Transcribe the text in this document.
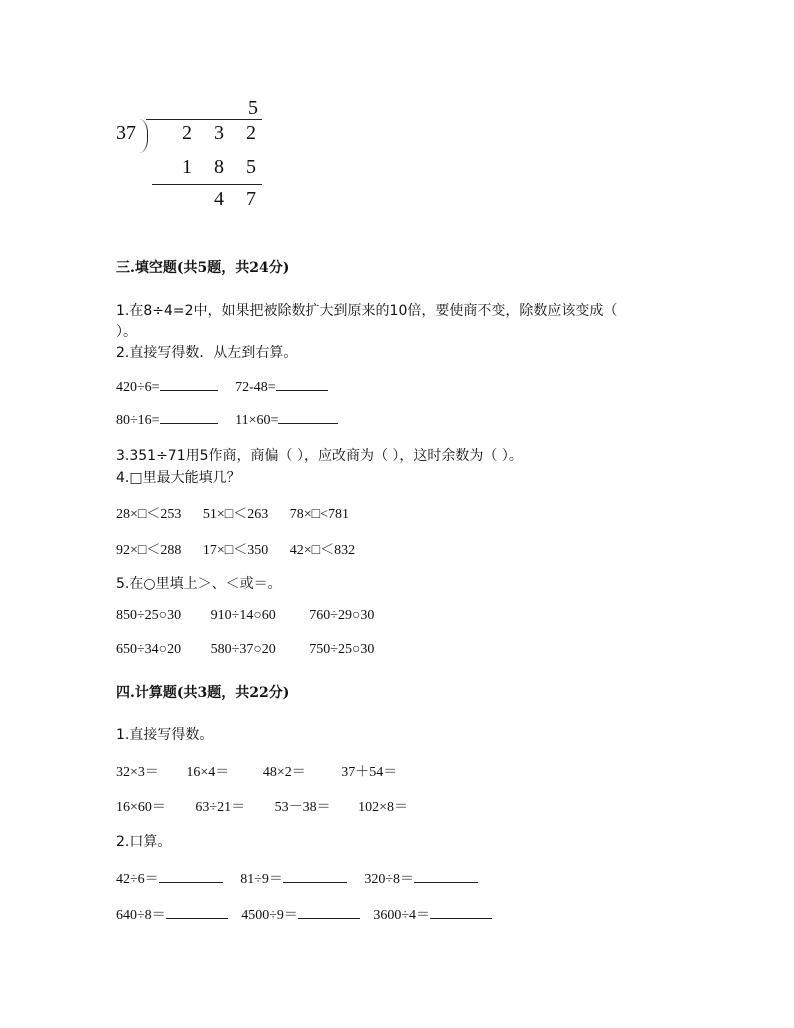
5
37 2 3 2
1 8 5
4 7
三.填空题(共5题，共24分)
1.在8÷4=2中，如果把被除数扩大到原来的10倍，要使商不变，除数应该变成（
）。
2.直接写得数．从左到右算。
420÷6=	72-48=
80÷16=	11×60=
3.351÷71用5作商，商偏（ ），应改商为（ ），这时余数为（ ）。
4.□里最大能填几？
28×□＜253 51×□＜263 78×□<781
92×□＜288 17×□＜350 42×□＜832
5.在○里填上＞、＜或＝。
850÷25○30 910÷14○60 760÷29○30
650÷34○20 580÷37○20 750÷25○30
四.计算题(共3题，共22分)
1.直接写得数。
32×3＝ 16×4＝ 48×2＝	37＋54＝
16×60＝ 63÷21＝ 53－38＝ 102×8＝
2.口算。
42÷6＝	81÷9＝	320÷8＝
640÷8＝	4500÷9＝	3600÷4＝
